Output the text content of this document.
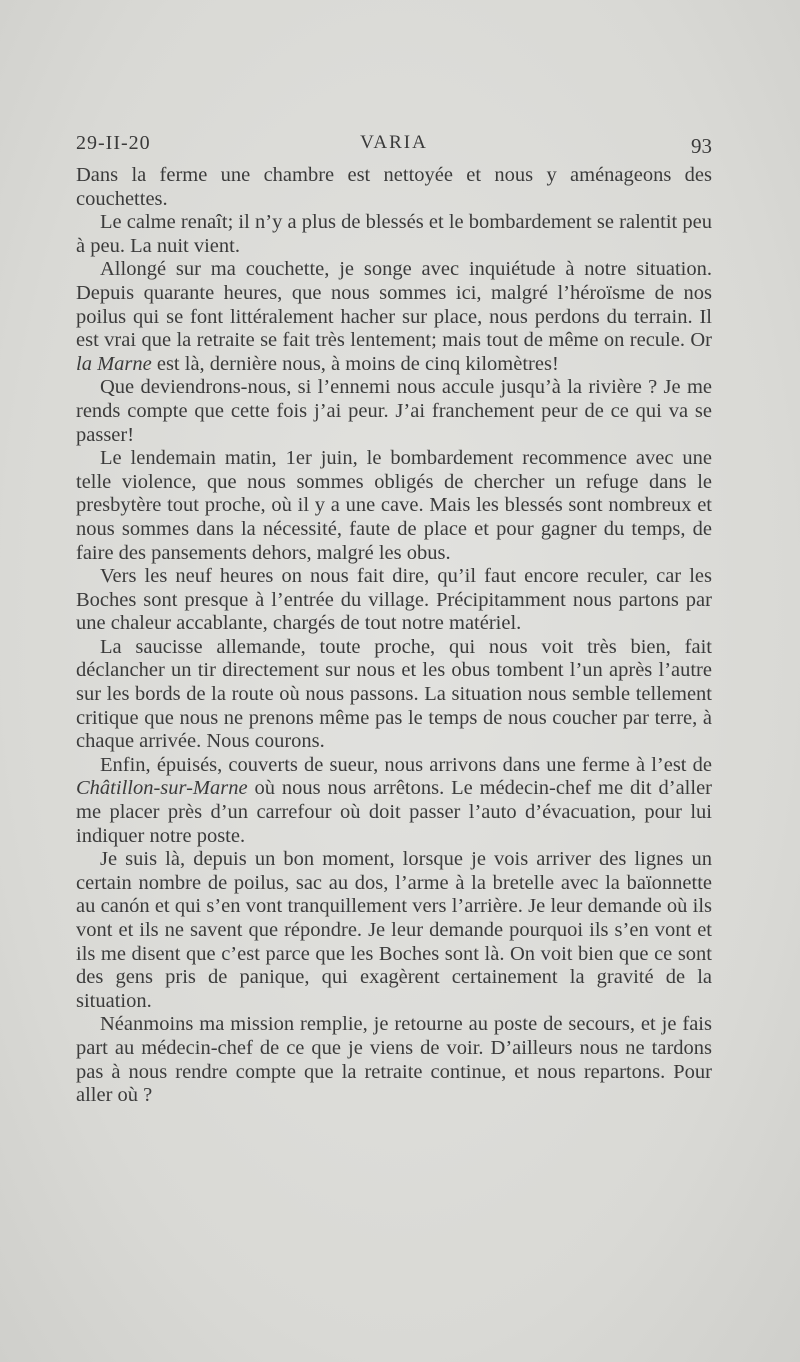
29-II-20	VARIA	93

Dans la ferme une chambre est nettoyée et nous y aménageons des couchettes.

Le calme renaît; il n’y a plus de blessés et le bombardement se ralentit peu à peu. La nuit vient.

Allongé sur ma couchette, je songe avec inquiétude à notre situation. Depuis quarante heures, que nous sommes ici, malgré l’héroïsme de nos poilus qui se font littéralement hacher sur place, nous perdons du terrain. Il est vrai que la retraite se fait très lentement; mais tout de même on recule. Or la Marne est là, dernière nous, à moins de cinq kilomètres!

Que deviendrons-nous, si l’ennemi nous accule jusqu’à la rivière ? Je me rends compte que cette fois j’ai peur. J’ai franchement peur de ce qui va se passer!

Le lendemain matin, 1er juin, le bombardement recommence avec une telle violence, que nous sommes obligés de chercher un refuge dans le presbytère tout proche, où il y a une cave. Mais les blessés sont nombreux et nous sommes dans la nécessité, faute de place et pour gagner du temps, de faire des pansements dehors, malgré les obus.

Vers les neuf heures on nous fait dire, qu’il faut encore reculer, car les Boches sont presque à l’entrée du village. Précipitamment nous partons par une chaleur accablante, chargés de tout notre matériel.

La saucisse allemande, toute proche, qui nous voit très bien, fait déclancher un tir directement sur nous et les obus tombent l’un après l’autre sur les bords de la route où nous passons. La situation nous semble tellement critique que nous ne prenons même pas le temps de nous coucher par terre, à chaque arrivée. Nous courons.

Enfin, épuisés, couverts de sueur, nous arrivons dans une ferme à l’est de Châtillon-sur-Marne où nous nous arrêtons. Le médecin-chef me dit d’aller me placer près d’un carrefour où doit passer l’auto d’évacuation, pour lui indiquer notre poste.

Je suis là, depuis un bon moment, lorsque je vois arriver des lignes un certain nombre de poilus, sac au dos, l’arme à la bretelle avec la baïonnette au canón et qui s’en vont tranquillement vers l’arrière. Je leur demande où ils vont et ils ne savent que répondre. Je leur demande pourquoi ils s’en vont et ils me disent que c’est parce que les Boches sont là. On voit bien que ce sont des gens pris de panique, qui exagèrent certainement la gravité de la situation.

Néanmoins ma mission remplie, je retourne au poste de secours, et je fais part au médecin-chef de ce que je viens de voir. D’ailleurs nous ne tardons pas à nous rendre compte que la retraite continue, et nous repartons. Pour aller où ?
